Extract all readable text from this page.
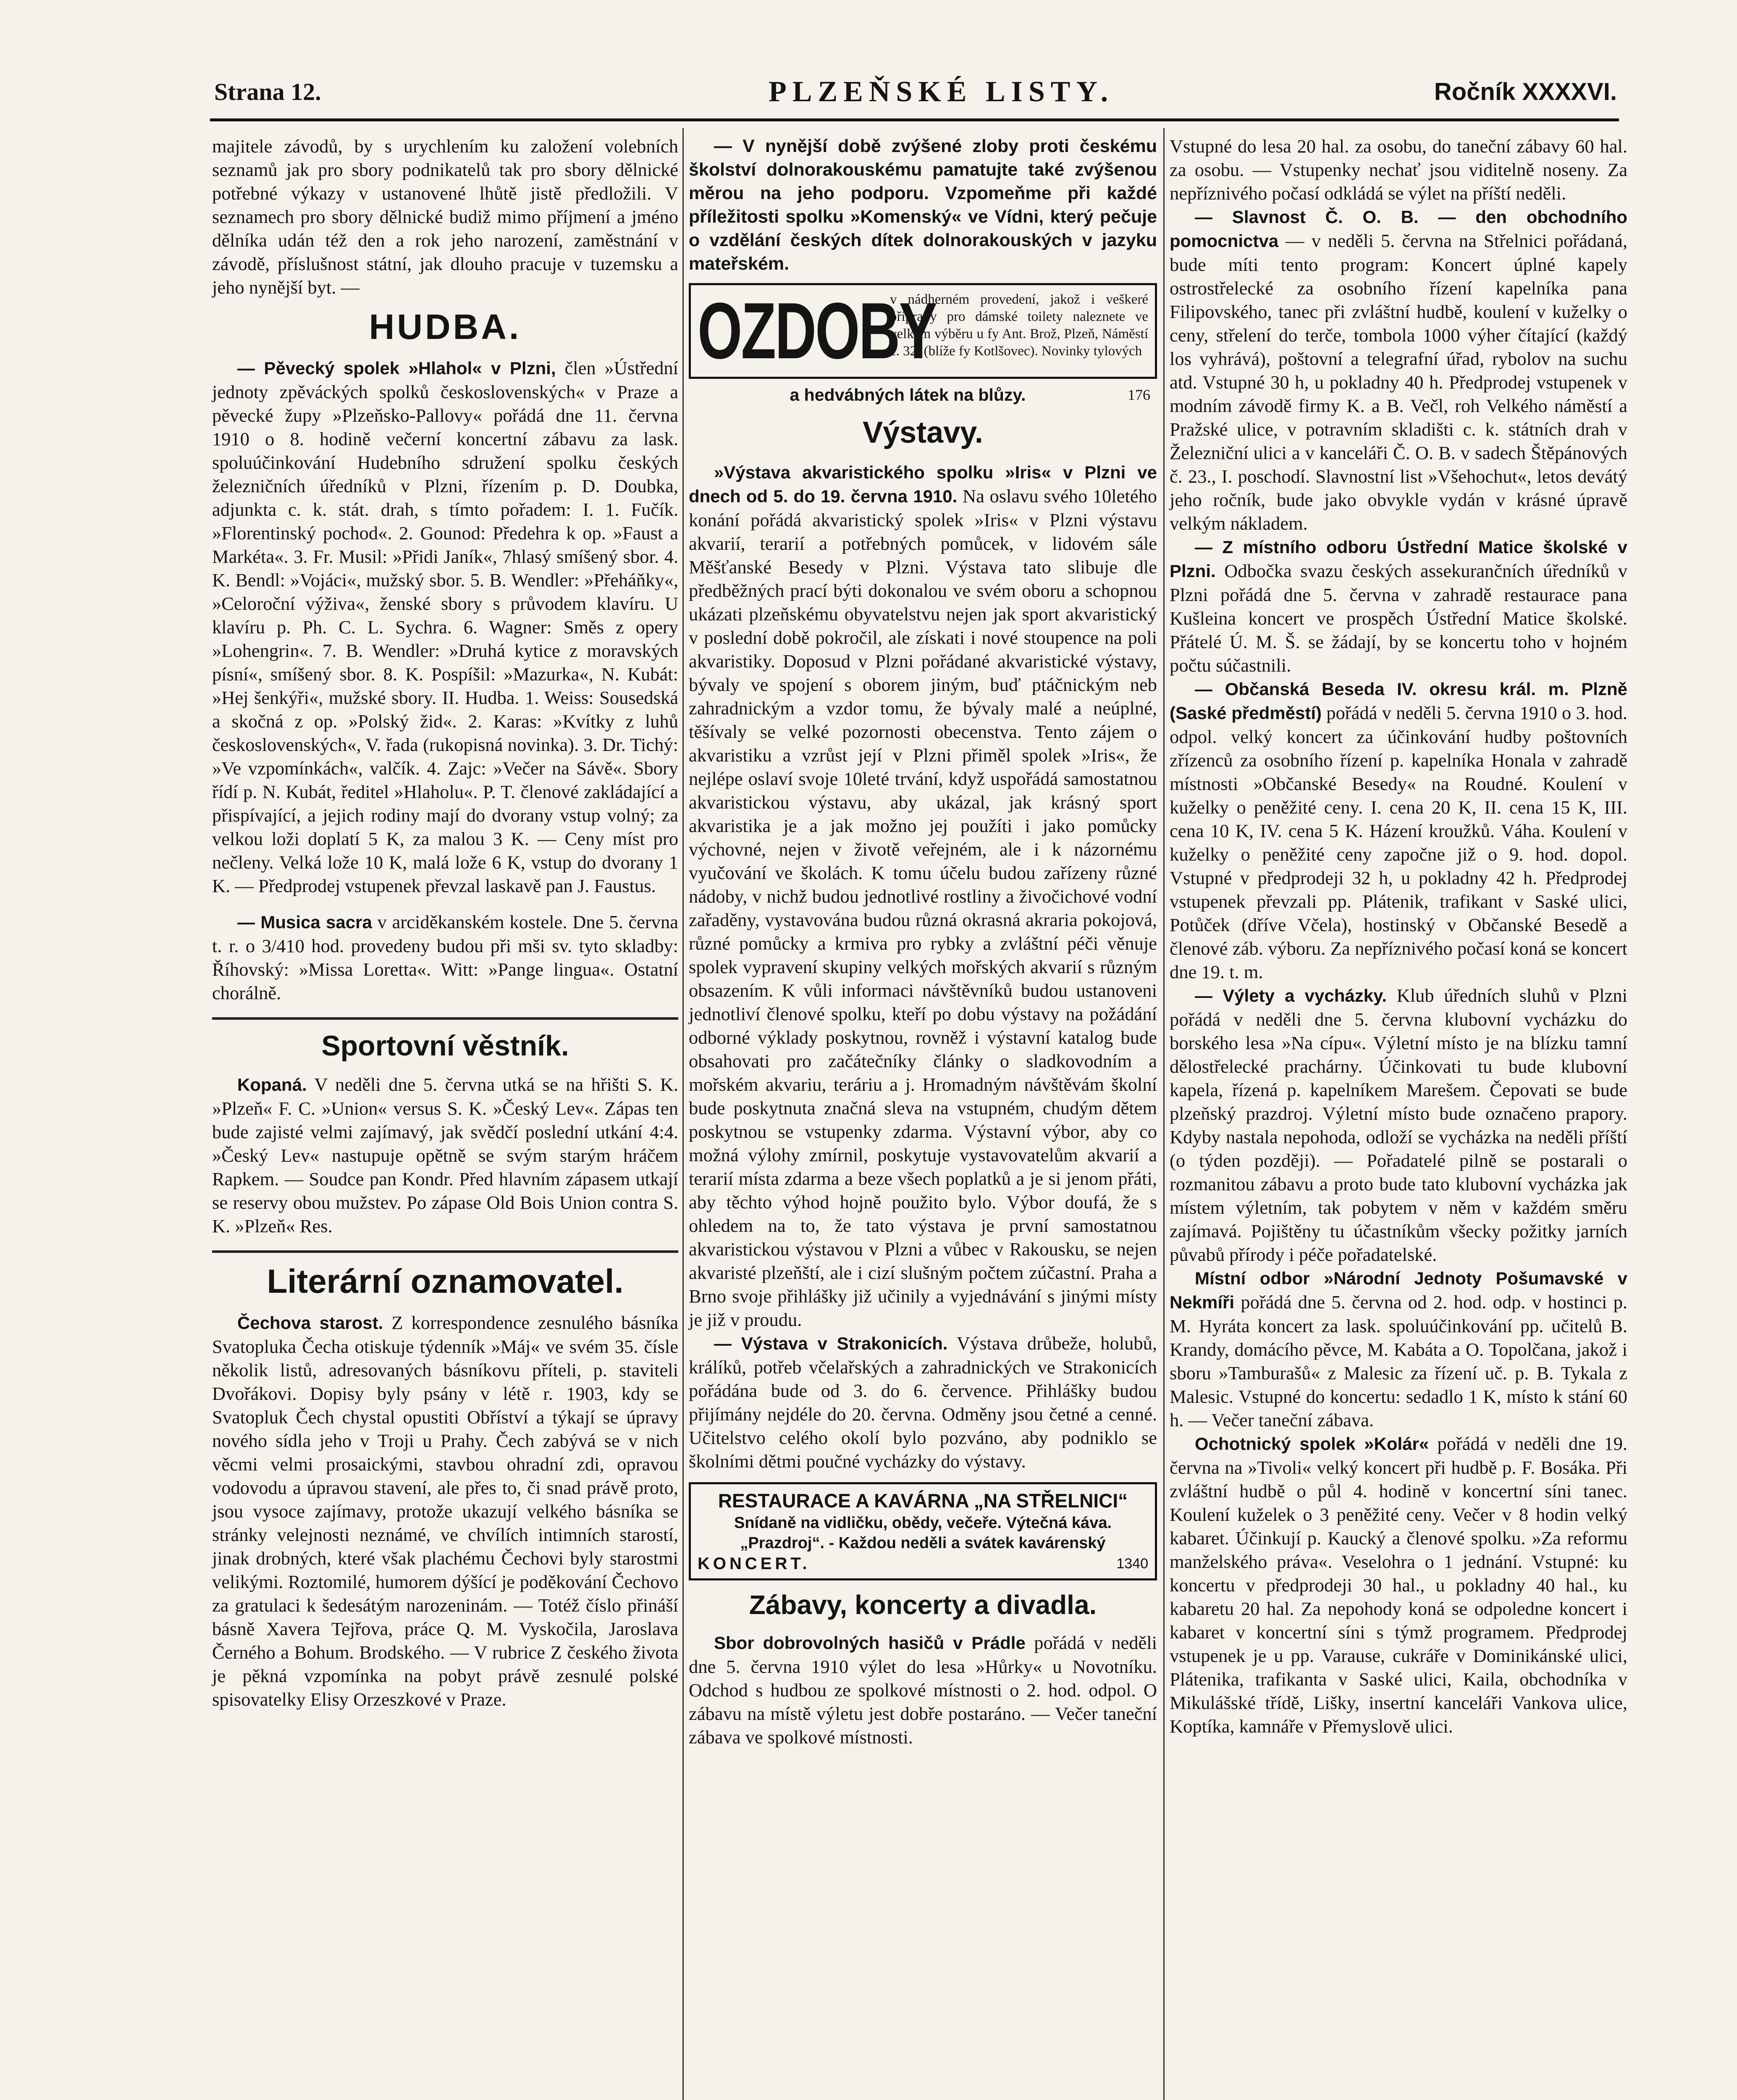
Strana 12.	PLZEŇSKÉ LISTY.	Ročník XXXXVI.

majitele závodů, by s urychlením ku založení volebních seznamů jak pro sbory podnikatelů tak pro sbory dělnické potřebné výkazy v ustanovené lhůtě jistě předložili. V seznamech pro sbory dělnické budiž mimo příjmení a jméno dělníka udán též den a rok jeho narození, zaměstnání v závodě, příslušnost státní, jak dlouho pracuje v tuzemsku a jeho nynější byt. —

HUDBA.

— Pěvecký spolek »Hlahol« v Plzni, člen »Ústřední jednoty zpěváckých spolků československých« v Praze a pěvecké župy »Plzeňsko-Pallovy« pořádá dne 11. června 1910 o 8. hodině večerní koncertní zábavu za lask. spoluúčinkování Hudebního sdružení spolku českých železničních úředníků v Plzni, řízením p. D. Doubka, adjunkta c. k. stát. drah, s tímto pořadem: I. 1. Fučík. »Florentinský pochod«. 2. Gounod: Předehra k op. »Faust a Markéta«. 3. Fr. Musil: »Přidi Janík«, 7hlasý smíšený sbor. 4. K. Bendl: »Vojáci«, mužský sbor. 5. B. Wendler: »Přeháňky«, »Celoroční výživa«, ženské sbory s průvodem klavíru. U klavíru p. Ph. C. L. Sychra. 6. Wagner: Směs z opery »Lohengrin«. 7. B. Wendler: »Druhá kytice z moravských písní«, smíšený sbor. 8. K. Pospíšil: »Mazurka«, N. Kubát: »Hej šenkýři«, mužské sbory. II. Hudba. 1. Weiss: Sousedská a skočná z op. »Polský žid«. 2. Karas: »Kvítky z luhů československých«, V. řada (rukopisná novinka). 3. Dr. Tichý: »Ve vzpomínkách«, valčík. 4. Zajc: »Večer na Sávě«. Sbory řídí p. N. Kubát, ředitel »Hlaholu«. P. T. členové zakládající a přispívající, a jejich rodiny mají do dvorany vstup volný; za velkou loži doplatí 5 K, za malou 3 K. — Ceny míst pro nečleny. Velká lože 10 K, malá lože 6 K, vstup do dvorany 1 K. — Předprodej vstupenek převzal laskavě pan J. Faustus.

— Musica sacra v arciděkanském kostele. Dne 5. června t. r. o 3/410 hod. provedeny budou při mši sv. tyto skladby: Říhovský: »Missa Loretta«. Witt: »Pange lingua«. Ostatní chorálně.

Sportovní věstník.

Kopaná. V neděli dne 5. června utká se na hřišti S. K. »Plzeň« F. C. »Union« versus S. K. »Český Lev«. Zápas ten bude zajisté velmi zajímavý, jak svědčí poslední utkání 4:4. »Český Lev« nastupuje opětně se svým starým hráčem Rapkem. — Soudce pan Kondr. Před hlavním zápasem utkají se reservy obou mužstev. Po zápase Old Bois Union contra S. K. »Plzeň« Res.

Literární oznamovatel.

Čechova starost. Z korrespondence zesnulého básníka Svatopluka Čecha otiskuje týdenník »Máj« ve svém 35. čísle několik listů, adresovaných básníkovu příteli, p. staviteli Dvořákovi. Dopisy byly psány v létě r. 1903, kdy se Svatopluk Čech chystal opustiti Obříství a týkají se úpravy nového sídla jeho v Troji u Prahy. Čech zabývá se v nich věcmi velmi prosaickými, stavbou ohradní zdi, opravou vodovodu a úpravou stavení, ale přes to, či snad právě proto, jsou vysoce zajímavy, protože ukazují velkého básníka se stránky velejnosti neznámé, ve chvílích intimních starostí, jinak drobných, které však plachému Čechovi byly starostmi velikými. Roztomilé, humorem dýšící je poděkování Čechovo za gratulaci k šedesátým narozeninám. — Totéž číslo přináší básně Xavera Tejřova, práce Q. M. Vyskočila, Jaroslava Černého a Bohum. Brodského. — V rubrice Z českého života je pěkná vzpomínka na pobyt právě zesnulé polské spisovatelky Elisy Orzeszkové v Praze.

— V nynější době zvýšené zloby proti českému školství dolnorakouskému pamatujte také zvýšenou měrou na jeho podporu. Vzpomeňme při každé příležitosti spolku »Komenský« ve Vídni, který pečuje o vzdělání českých dítek dolnorakouských v jazyku mateřském.

OZDOBY
v nádherném provedení, jakož i veškeré přípravy pro dámské toilety naleznete ve velkém výběru u fy Ant. Brož, Plzeň, Náměstí č. 32, (blíže fy Kotlšovec). Novinky tylových
a hedvábných látek na blůzy.	176

Výstavy.

»Výstava akvaristického spolku »Iris« v Plzni ve dnech od 5. do 19. června 1910. Na oslavu svého 10letého konání pořádá akvaristický spolek »Iris« v Plzni výstavu akvarií, terarií a potřebných pomůcek, v lidovém sále Měšťanské Besedy v Plzni. Výstava tato slibuje dle předběžných prací býti dokonalou ve svém oboru a schopnou ukázati plzeňskému obyvatelstvu nejen jak sport akvaristický v poslední době pokročil, ale získati i nové stoupence na poli akvaristiky. Doposud v Plzni pořádané akvaristické výstavy, bývaly ve spojení s oborem jiným, buď ptáčnickým neb zahradnickým a vzdor tomu, že bývaly malé a neúplné, těšívaly se velké pozornosti obecenstva. Tento zájem o akvaristiku a vzrůst její v Plzni přiměl spolek »Iris«, že nejlépe oslaví svoje 10leté trvání, když uspořádá samostatnou akvaristickou výstavu, aby ukázal, jak krásný sport akvaristika je a jak možno jej použíti i jako pomůcky výchovné, nejen v životě veřejném, ale i k názornému vyučování ve školách. K tomu účelu budou zařízeny různé nádoby, v nichž budou jednotlivé rostliny a živočichové vodní zařaděny, vystavována budou různá okrasná akraria pokojová, různé pomůcky a krmiva pro rybky a zvláštní péči věnuje spolek vypravení skupiny velkých mořských akvarií s různým obsazením. K vůli informaci návštěvníků budou ustanoveni jednotliví členové spolku, kteří po dobu výstavy na požádání odborné výklady poskytnou, rovněž i výstavní katalog bude obsahovati pro začátečníky články o sladkovodním a mořském akvariu, teráriu a j. Hromadným návštěvám školní bude poskytnuta značná sleva na vstupném, chudým dětem poskytnou se vstupenky zdarma. Výstavní výbor, aby co možná výlohy zmírnil, poskytuje vystavovatelům akvarií a terarií místa zdarma a beze všech poplatků a je si jenom přáti, aby těchto výhod hojně použito bylo. Výbor doufá, že s ohledem na to, že tato výstava je první samostatnou akvaristickou výstavou v Plzni a vůbec v Rakousku, se nejen akvaristé plzeňští, ale i cizí slušným počtem zúčastní. Praha a Brno svoje přihlášky již učinily a vyjednávání s jinými místy je již v proudu.

— Výstava v Strakonicích. Výstava drůbeže, holubů, králíků, potřeb včelařských a zahradnických ve Strakonicích pořádána bude od 3. do 6. července. Přihlášky budou přijímány nejdéle do 20. června. Odměny jsou četné a cenné. Učitelstvo celého okolí bylo pozváno, aby podniklo se školními dětmi poučné vycházky do výstavy.

RESTAURACE A KAVÁRNA „NA STŘELNICI“
Snídaně na vidličku, obědy, večeře. Výtečná káva. „Prazdroj“. - Každou neděli a svátek kavárenský
KONCERT.	1340

Zábavy, koncerty a divadla.

Sbor dobrovolných hasičů v Prádle pořádá v neděli dne 5. června 1910 výlet do lesa »Hůrky« u Novotníku. Odchod s hudbou ze spolkové místnosti o 2. hod. odpol. O zábavu na místě výletu jest dobře postaráno. — Večer taneční zábava ve spolkové místnosti.

Vstupné do lesa 20 hal. za osobu, do taneční zábavy 60 hal. za osobu. — Vstupenky nechať jsou viditelně noseny. Za nepříznivého počasí odkládá se výlet na příští neděli.

— Slavnost Č. O. B. — den obchodního pomocnictva — v neděli 5. června na Střelnici pořádaná, bude míti tento program: Koncert úplné kapely ostrostřelecké za osobního řízení kapelníka pana Filipovského, tanec při zvláštní hudbě, koulení v kuželky o ceny, střelení do terče, tombola 1000 výher čítající (každý los vyhrává), poštovní a telegrafní úřad, rybolov na suchu atd. Vstupné 30 h, u pokladny 40 h. Předprodej vstupenek v modním závodě firmy K. a B. Večl, roh Velkého náměstí a Pražské ulice, v potravním skladišti c. k. státních drah v Železniční ulici a v kanceláři Č. O. B. v sadech Štěpánových č. 23., I. poschodí. Slavnostní list »Všehochut«, letos devátý jeho ročník, bude jako obvykle vydán v krásné úpravě velkým nákladem.

— Z místního odboru Ústřední Matice školské v Plzni. Odbočka svazu českých assekurančních úředníků v Plzni pořádá dne 5. června v zahradě restaurace pana Kušleina koncert ve prospěch Ústřední Matice školské. Přátelé Ú. M. Š. se žádají, by se koncertu toho v hojném počtu súčastnili.

— Občanská Beseda IV. okresu král. m. Plzně (Saské předměstí) pořádá v neděli 5. června 1910 o 3. hod. odpol. velký koncert za účinkování hudby poštovních zřízenců za osobního řízení p. kapelníka Honala v zahradě místnosti »Občanské Besedy« na Roudné. Koulení v kuželky o peněžité ceny. I. cena 20 K, II. cena 15 K, III. cena 10 K, IV. cena 5 K. Házení kroužků. Váha. Koulení v kuželky o peněžité ceny započne již o 9. hod. dopol. Vstupné v předprodeji 32 h, u pokladny 42 h. Předprodej vstupenek převzali pp. Plátenik, trafikant v Saské ulici, Potůček (dříve Včela), hostinský v Občanské Besedě a členové záb. výboru. Za nepříznivého počasí koná se koncert dne 19. t. m.

— Výlety a vycházky. Klub úředních sluhů v Plzni pořádá v neděli dne 5. června klubovní vycházku do borského lesa »Na cípu«. Výletní místo je na blízku tamní dělostřelecké prachárny. Účinkovati tu bude klubovní kapela, řízená p. kapelníkem Marešem. Čepovati se bude plzeňský prazdroj. Výletní místo bude označeno prapory. Kdyby nastala nepohoda, odloží se vycházka na neděli příští (o týden později). — Pořadatelé pilně se postarali o rozmanitou zábavu a proto bude tato klubovní vycházka jak místem výletním, tak pobytem v něm v každém směru zajímavá. Pojištěny tu účastníkům všecky požitky jarních půvabů přírody i péče pořadatelské.

Místní odbor »Národní Jednoty Pošumavské v Nekmíři pořádá dne 5. června od 2. hod. odp. v hostinci p. M. Hyráta koncert za lask. spoluúčinkování pp. učitelů B. Krandy, domácího pěvce, M. Kabáta a O. Topolčana, jakož i sboru »Tamburašů« z Malesic za řízení uč. p. B. Tykala z Malesic. Vstupné do koncertu: sedadlo 1 K, místo k stání 60 h. — Večer taneční zábava.

Ochotnický spolek »Kolár« pořádá v neděli dne 19. června na »Tivoli« velký koncert při hudbě p. F. Bosáka. Při zvláštní hudbě o půl 4. hodině v koncertní síni tanec. Koulení kuželek o 3 peněžité ceny. Večer v 8 hodin velký kabaret. Účinkují p. Kaucký a členové spolku. »Za reformu manželského práva«. Veselohra o 1 jednání. Vstupné: ku koncertu v předprodeji 30 hal., u pokladny 40 hal., ku kabaretu 20 hal. Za nepohody koná se odpoledne koncert i kabaret v koncertní síni s týmž programem. Předprodej vstupenek je u pp. Varause, cukráře v Dominikánské ulici, Plátenika, trafikanta v Saské ulici, Kaila, obchodníka v Mikulášské třídě, Lišky, insertní kanceláři Vankova ulice, Koptíka, kamnáře v Přemyslově ulici.
